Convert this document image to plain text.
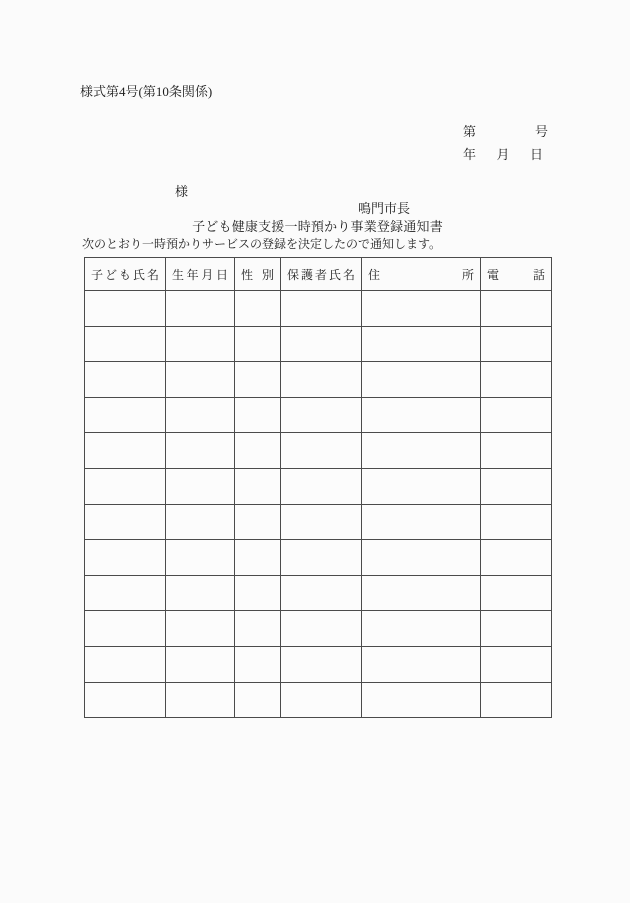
様式第4号(第10条関係)
第	号
年 月 日
様
鳴門市長
子ども健康支援一時預かり事業登録通知書
次のとおり一時預かりサービスの登録を決定したので通知します。
子ども氏名	生年月日	性別	保護者氏名	住所	電話
